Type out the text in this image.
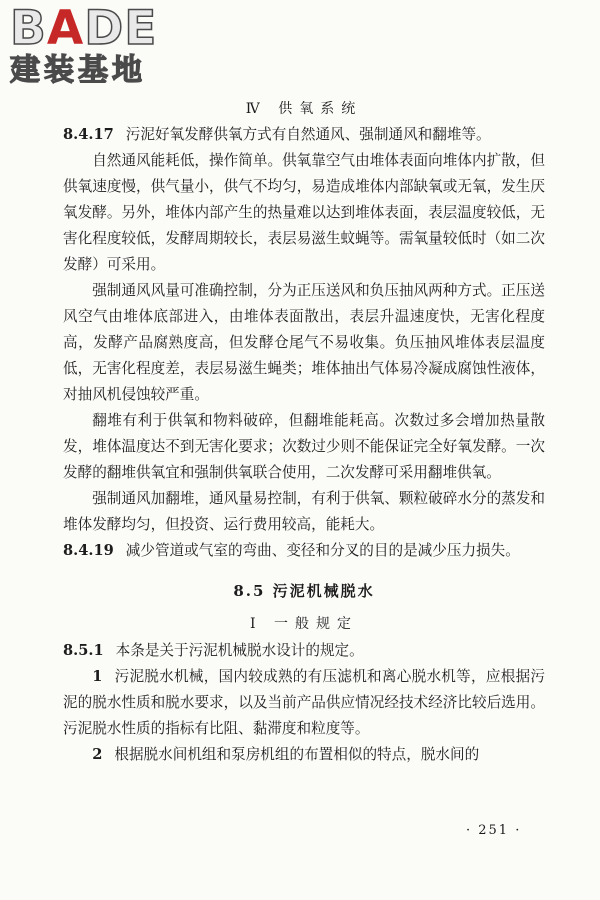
BADE
建装基地
Ⅳ 供氧系统

8.4.17 污泥好氧发酵供氧方式有自然通风、强制通风和翻堆等。

自然通风能耗低，操作简单。供氧靠空气由堆体表面向堆体内扩散，但供氧速度慢，供气量小，供气不均匀，易造成堆体内部缺氧或无氧，发生厌氧发酵。另外，堆体内部产生的热量难以达到堆体表面，表层温度较低，无害化程度较低，发酵周期较长，表层易滋生蚊蝇等。需氧量较低时（如二次发酵）可采用。

强制通风风量可准确控制，分为正压送风和负压抽风两种方式。正压送风空气由堆体底部进入，由堆体表面散出，表层升温速度快，无害化程度高，发酵产品腐熟度高，但发酵仓尾气不易收集。负压抽风堆体表层温度低，无害化程度差，表层易滋生蝇类；堆体抽出气体易冷凝成腐蚀性液体，对抽风机侵蚀较严重。

翻堆有利于供氧和物料破碎，但翻堆能耗高。次数过多会增加热量散发，堆体温度达不到无害化要求；次数过少则不能保证完全好氧发酵。一次发酵的翻堆供氧宜和强制供氧联合使用，二次发酵可采用翻堆供氧。

强制通风加翻堆，通风量易控制，有利于供氧、颗粒破碎水分的蒸发和堆体发酵均匀，但投资、运行费用较高，能耗大。

8.4.19 减少管道或气室的弯曲、变径和分叉的目的是减少压力损失。

8.5 污泥机械脱水
Ⅰ 一般规定

8.5.1 本条是关于污泥机械脱水设计的规定。

1 污泥脱水机械，国内较成熟的有压滤机和离心脱水机等，应根据污泥的脱水性质和脱水要求，以及当前产品供应情况经技术经济比较后选用。污泥脱水性质的指标有比阻、黏滞度和粒度等。

2 根据脱水间机组和泵房机组的布置相似的特点，脱水间的

· 251 ·
